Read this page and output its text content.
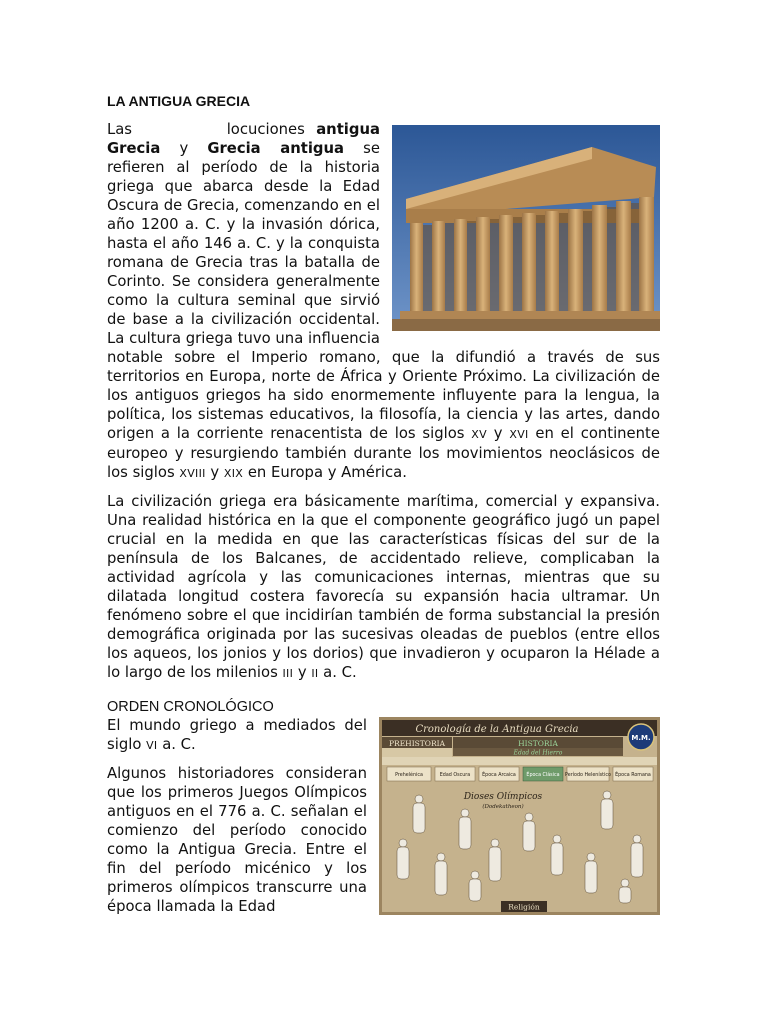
LA ANTIGUA GRECIA

Las	locuciones antigua Grecia y Grecia antigua se refieren al período de la historia griega que abarca desde la Edad Oscura de Grecia, comenzando en el año 1200 a. C. y la invasión dórica, hasta el año 146 a. C. y la conquista romana de Grecia tras la batalla de Corinto. Se considera generalmente como la cultura seminal que sirvió de base a la civilización occidental. La cultura griega tuvo una influencia notable sobre el Imperio romano, que la difundió a través de sus territorios en Europa, norte de África y Oriente Próximo. La civilización de los antiguos griegos ha sido enormemente influyente para la lengua, la política, los sistemas educativos, la filosofía, la ciencia y las artes, dando origen a la corriente renacentista de los siglos XV y XVI en el continente europeo y resurgiendo también durante los movimientos neoclásicos de los siglos XVIII y XIX en Europa y América.

La civilización griega era básicamente marítima, comercial y expansiva. Una realidad histórica en la que el componente geográfico jugó un papel crucial en la medida en que las características físicas del sur de la península de los Balcanes, de accidentado relieve, complicaban la actividad agrícola y las comunicaciones internas, mientras que su dilatada longitud costera favorecía su expansión hacia ultramar. Un fenómeno sobre el que incidirían también de forma substancial la presión demográfica originada por las sucesivas oleadas de pueblos (entre ellos los aqueos, los jonios y los dorios) que invadieron y ocuparon la Hélade a lo largo de los milenios III y II a. C.

ORDEN CRONOLÓGICO
Cronología de la Antigua Grecia
M.M.
PREHISTORIA	HISTORIA
Edad del Hierro
Prehelénica	Edad Oscura Época Arcaica Época Clásica Período Helenístico Época Romana
Dioses Olímpicos
(Dodekatheon)
Religión

El mundo griego a mediados del siglo VI a. C.

Algunos historiadores consideran que los primeros Juegos Olímpicos antiguos en el 776 a. C. señalan el comienzo del período conocido como la Antigua Grecia. Entre el fin del período micénico y los primeros olímpicos transcurre una época llamada la Edad
